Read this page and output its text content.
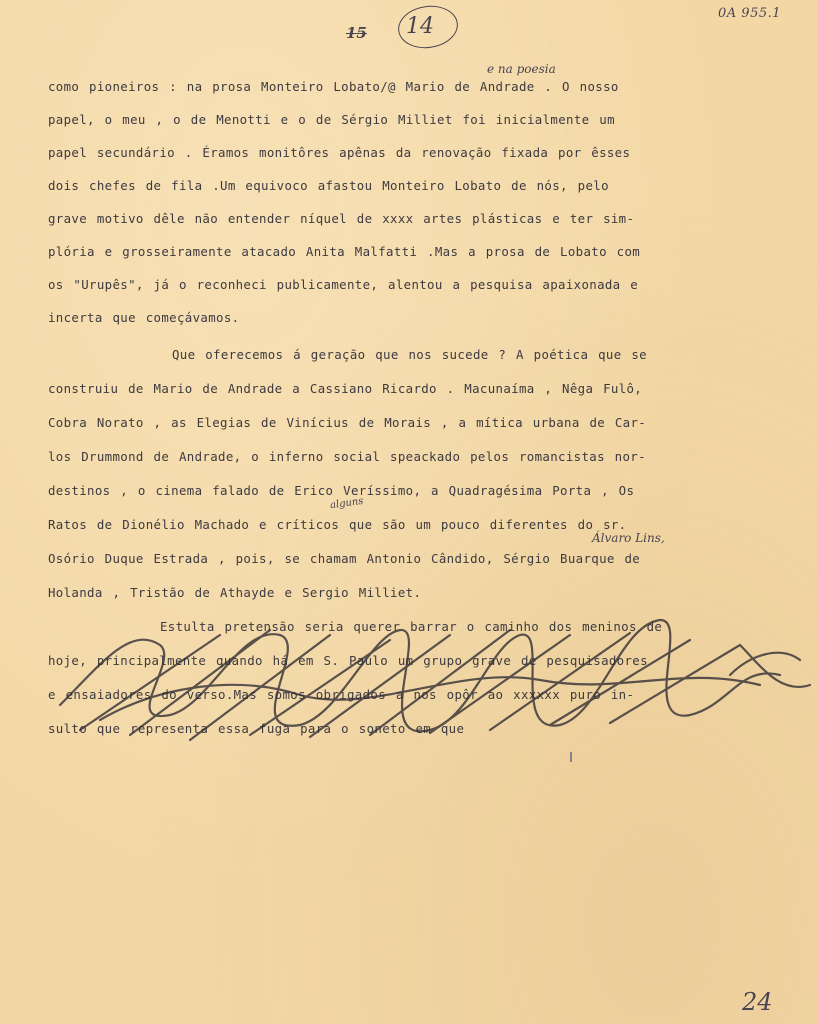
0A 955.1
15 14
e na poesia
alguns
Álvaro Lins,
como pioneiros : na prosa Monteiro Lobato/@ Mario de Andrade . O nosso
papel, o meu , o de Menotti e o de Sérgio Milliet foi inicialmente um
papel secundário . Éramos monitôres apênas da renovação fixada por êsses
dois chefes de fila .Um equivoco afastou Monteiro Lobato de nós, pelo
grave motivo dêle não entender níquel de xxxx artes plásticas e ter sim-
plória e grosseiramente atacado Anita Malfatti .Mas a prosa de Lobato com
os "Urupês", já o reconheci publicamente, alentou a pesquisa apaixonada e
incerta que começávamos.
Que oferecemos á geração que nos sucede ? A poética que se
construiu de Mario de Andrade a Cassiano Ricardo . Macunaíma , Nêga Fulô,
Cobra Norato , as Elegias de Vinícius de Morais , a mítica urbana de Car-
los Drummond de Andrade, o inferno social speackado pelos romancistas nor-
destinos , o cinema falado de Erico Veríssimo, a Quadragésima Porta , Os
Ratos de Dionélio Machado e críticos que são um pouco diferentes do sr.
Osório Duque Estrada , pois, se chamam Antonio Cândido, Sérgio Buarque de
Holanda , Tristão de Athayde e Sergio Milliet.
Estulta pretensão seria querer barrar o caminho dos meninos de
hoje, principalmente quando há em S. Paulo um grupo grave de pesquisadores
e ensaiadores do verso.Mas somos obrigados a nos opôr ao xxxxxx puro in-
sulto que representa essa fuga para o soneto em que
24
